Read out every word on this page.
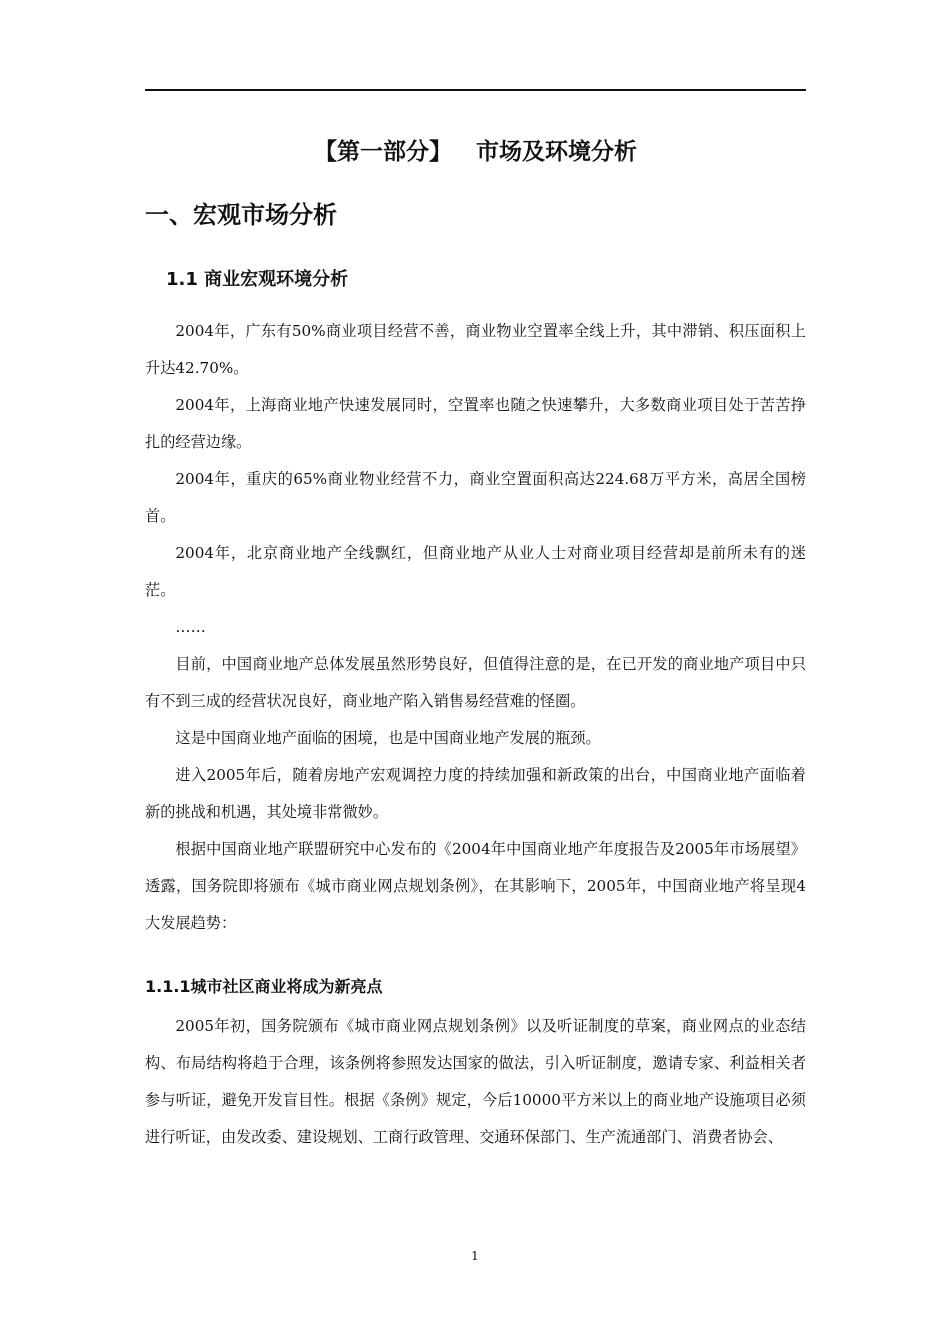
【第一部分】   市场及环境分析
一、宏观市场分析
1.1 商业宏观环境分析

2004年，广东有50%商业项目经营不善，商业物业空置率全线上升，其中滞销、积压面积上升达42.70%。

2004年，上海商业地产快速发展同时，空置率也随之快速攀升，大多数商业项目处于苦苦挣扎的经营边缘。

2004年，重庆的65%商业物业经营不力，商业空置面积高达224.68万平方米，高居全国榜首。

2004年，北京商业地产全线飘红，但商业地产从业人士对商业项目经营却是前所未有的迷茫。

……

目前，中国商业地产总体发展虽然形势良好，但值得注意的是，在已开发的商业地产项目中只有不到三成的经营状况良好，商业地产陷入销售易经营难的怪圈。

这是中国商业地产面临的困境，也是中国商业地产发展的瓶颈。

进入2005年后，随着房地产宏观调控力度的持续加强和新政策的出台，中国商业地产面临着新的挑战和机遇，其处境非常微妙。

根据中国商业地产联盟研究中心发布的《2004年中国商业地产年度报告及2005年市场展望》透露，国务院即将颁布《城市商业网点规划条例》，在其影响下，2005年，中国商业地产将呈现4大发展趋势：

1.1.1城市社区商业将成为新亮点

2005年初，国务院颁布《城市商业网点规划条例》以及听证制度的草案，商业网点的业态结构、布局结构将趋于合理，该条例将参照发达国家的做法，引入听证制度，邀请专家、利益相关者参与听证，避免开发盲目性。根据《条例》规定，今后10000平方米以上的商业地产设施项目必须进行听证，由发改委、建设规划、工商行政管理、交通环保部门、生产流通部门、消费者协会、

1
